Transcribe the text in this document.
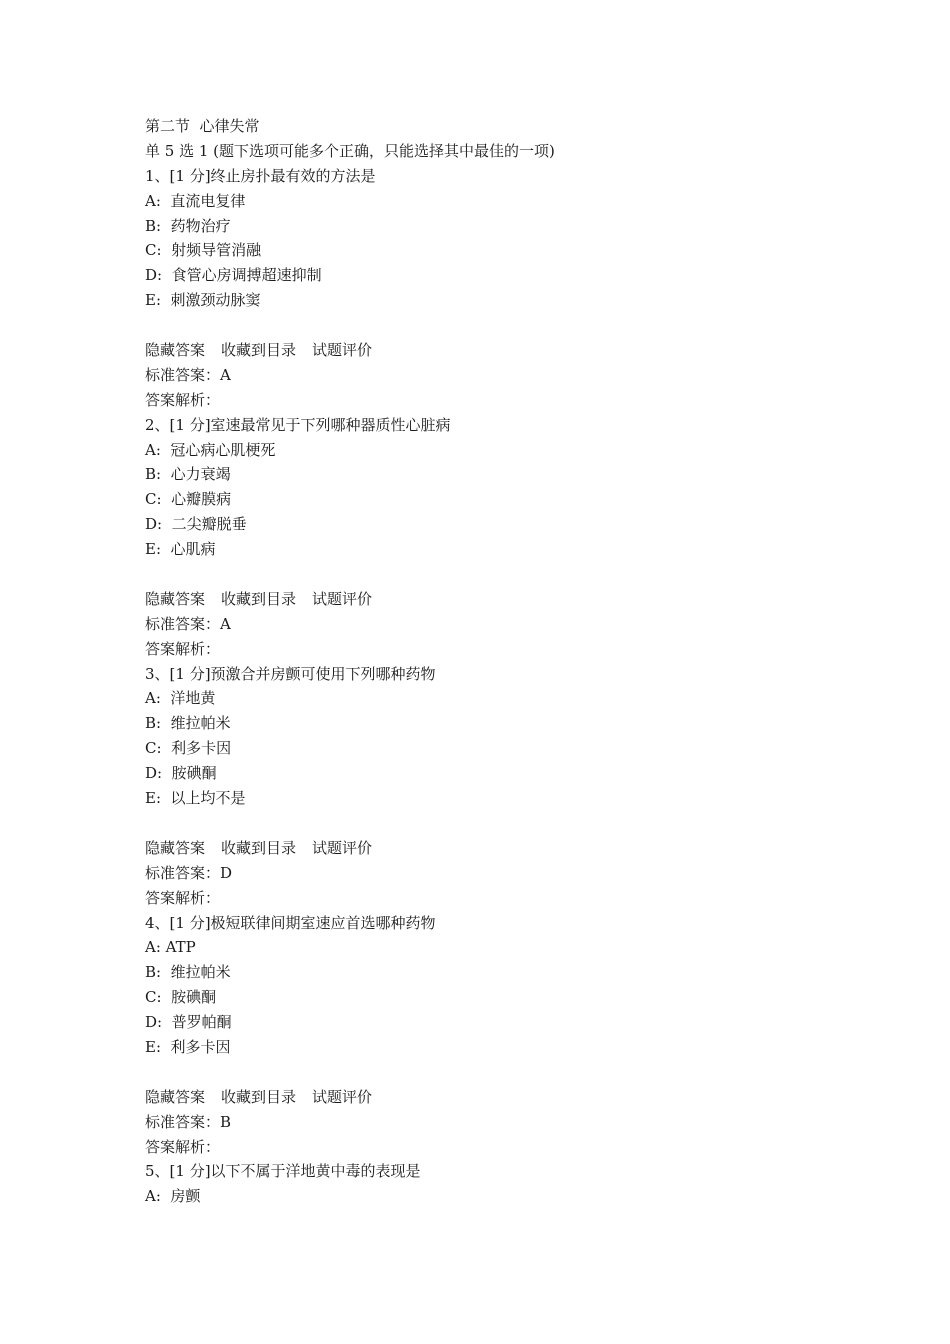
第二节  心律失常
单 5 选 1 (题下选项可能多个正确，只能选择其中最佳的一项)
1、[1 分]终止房扑最有效的方法是
A:  直流电复律
B:  药物治疗
C:  射频导管消融
D:  食管心房调搏超速抑制
E:  刺激颈动脉窦
隐藏答案 收藏到目录 试题评价
标准答案：A
答案解析：
2、[1 分]室速最常见于下列哪种器质性心脏病
A:  冠心病心肌梗死
B:  心力衰竭
C:  心瓣膜病
D:  二尖瓣脱垂
E:  心肌病
隐藏答案 收藏到目录 试题评价
标准答案：A
答案解析：
3、[1 分]预激合并房颤可使用下列哪种药物
A:  洋地黄
B:  维拉帕米
C:  利多卡因
D:  胺碘酮
E:  以上均不是
隐藏答案 收藏到目录 试题评价
标准答案：D
答案解析：
4、[1 分]极短联律间期室速应首选哪种药物
A: ATP
B:  维拉帕米
C:  胺碘酮
D:  普罗帕酮
E:  利多卡因
隐藏答案 收藏到目录 试题评价
标准答案：B
答案解析：
5、[1 分]以下不属于洋地黄中毒的表现是
A:  房颤
